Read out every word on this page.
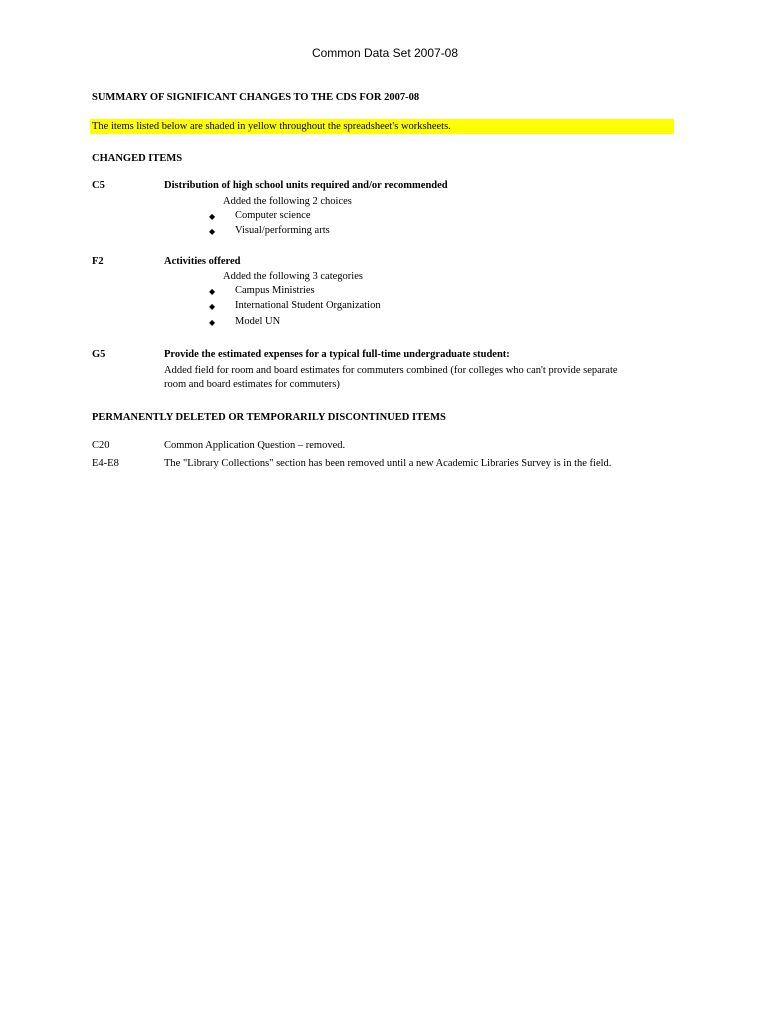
Common Data Set 2007-08
SUMMARY OF SIGNIFICANT CHANGES TO THE CDS FOR 2007-08
The items listed below are shaded in yellow throughout the spreadsheet's worksheets.
CHANGED ITEMS
C5	Distribution of high school units required and/or recommended
Added the following 2 choices
◆ Computer science
◆ Visual/performing arts
F2	Activities offered
Added the following 3 categories
◆ Campus Ministries
◆ International Student Organization
◆ Model UN
G5	Provide the estimated expenses for a typical full-time undergraduate student:
Added field for room and board estimates for commuters combined (for colleges who can't provide separate
room and board estimates for commuters)
PERMANENTLY DELETED OR TEMPORARILY DISCONTINUED ITEMS
C20	Common Application Question – removed.
E4-E8	The "Library Collections" section has been removed until a new Academic Libraries Survey is in the field.
